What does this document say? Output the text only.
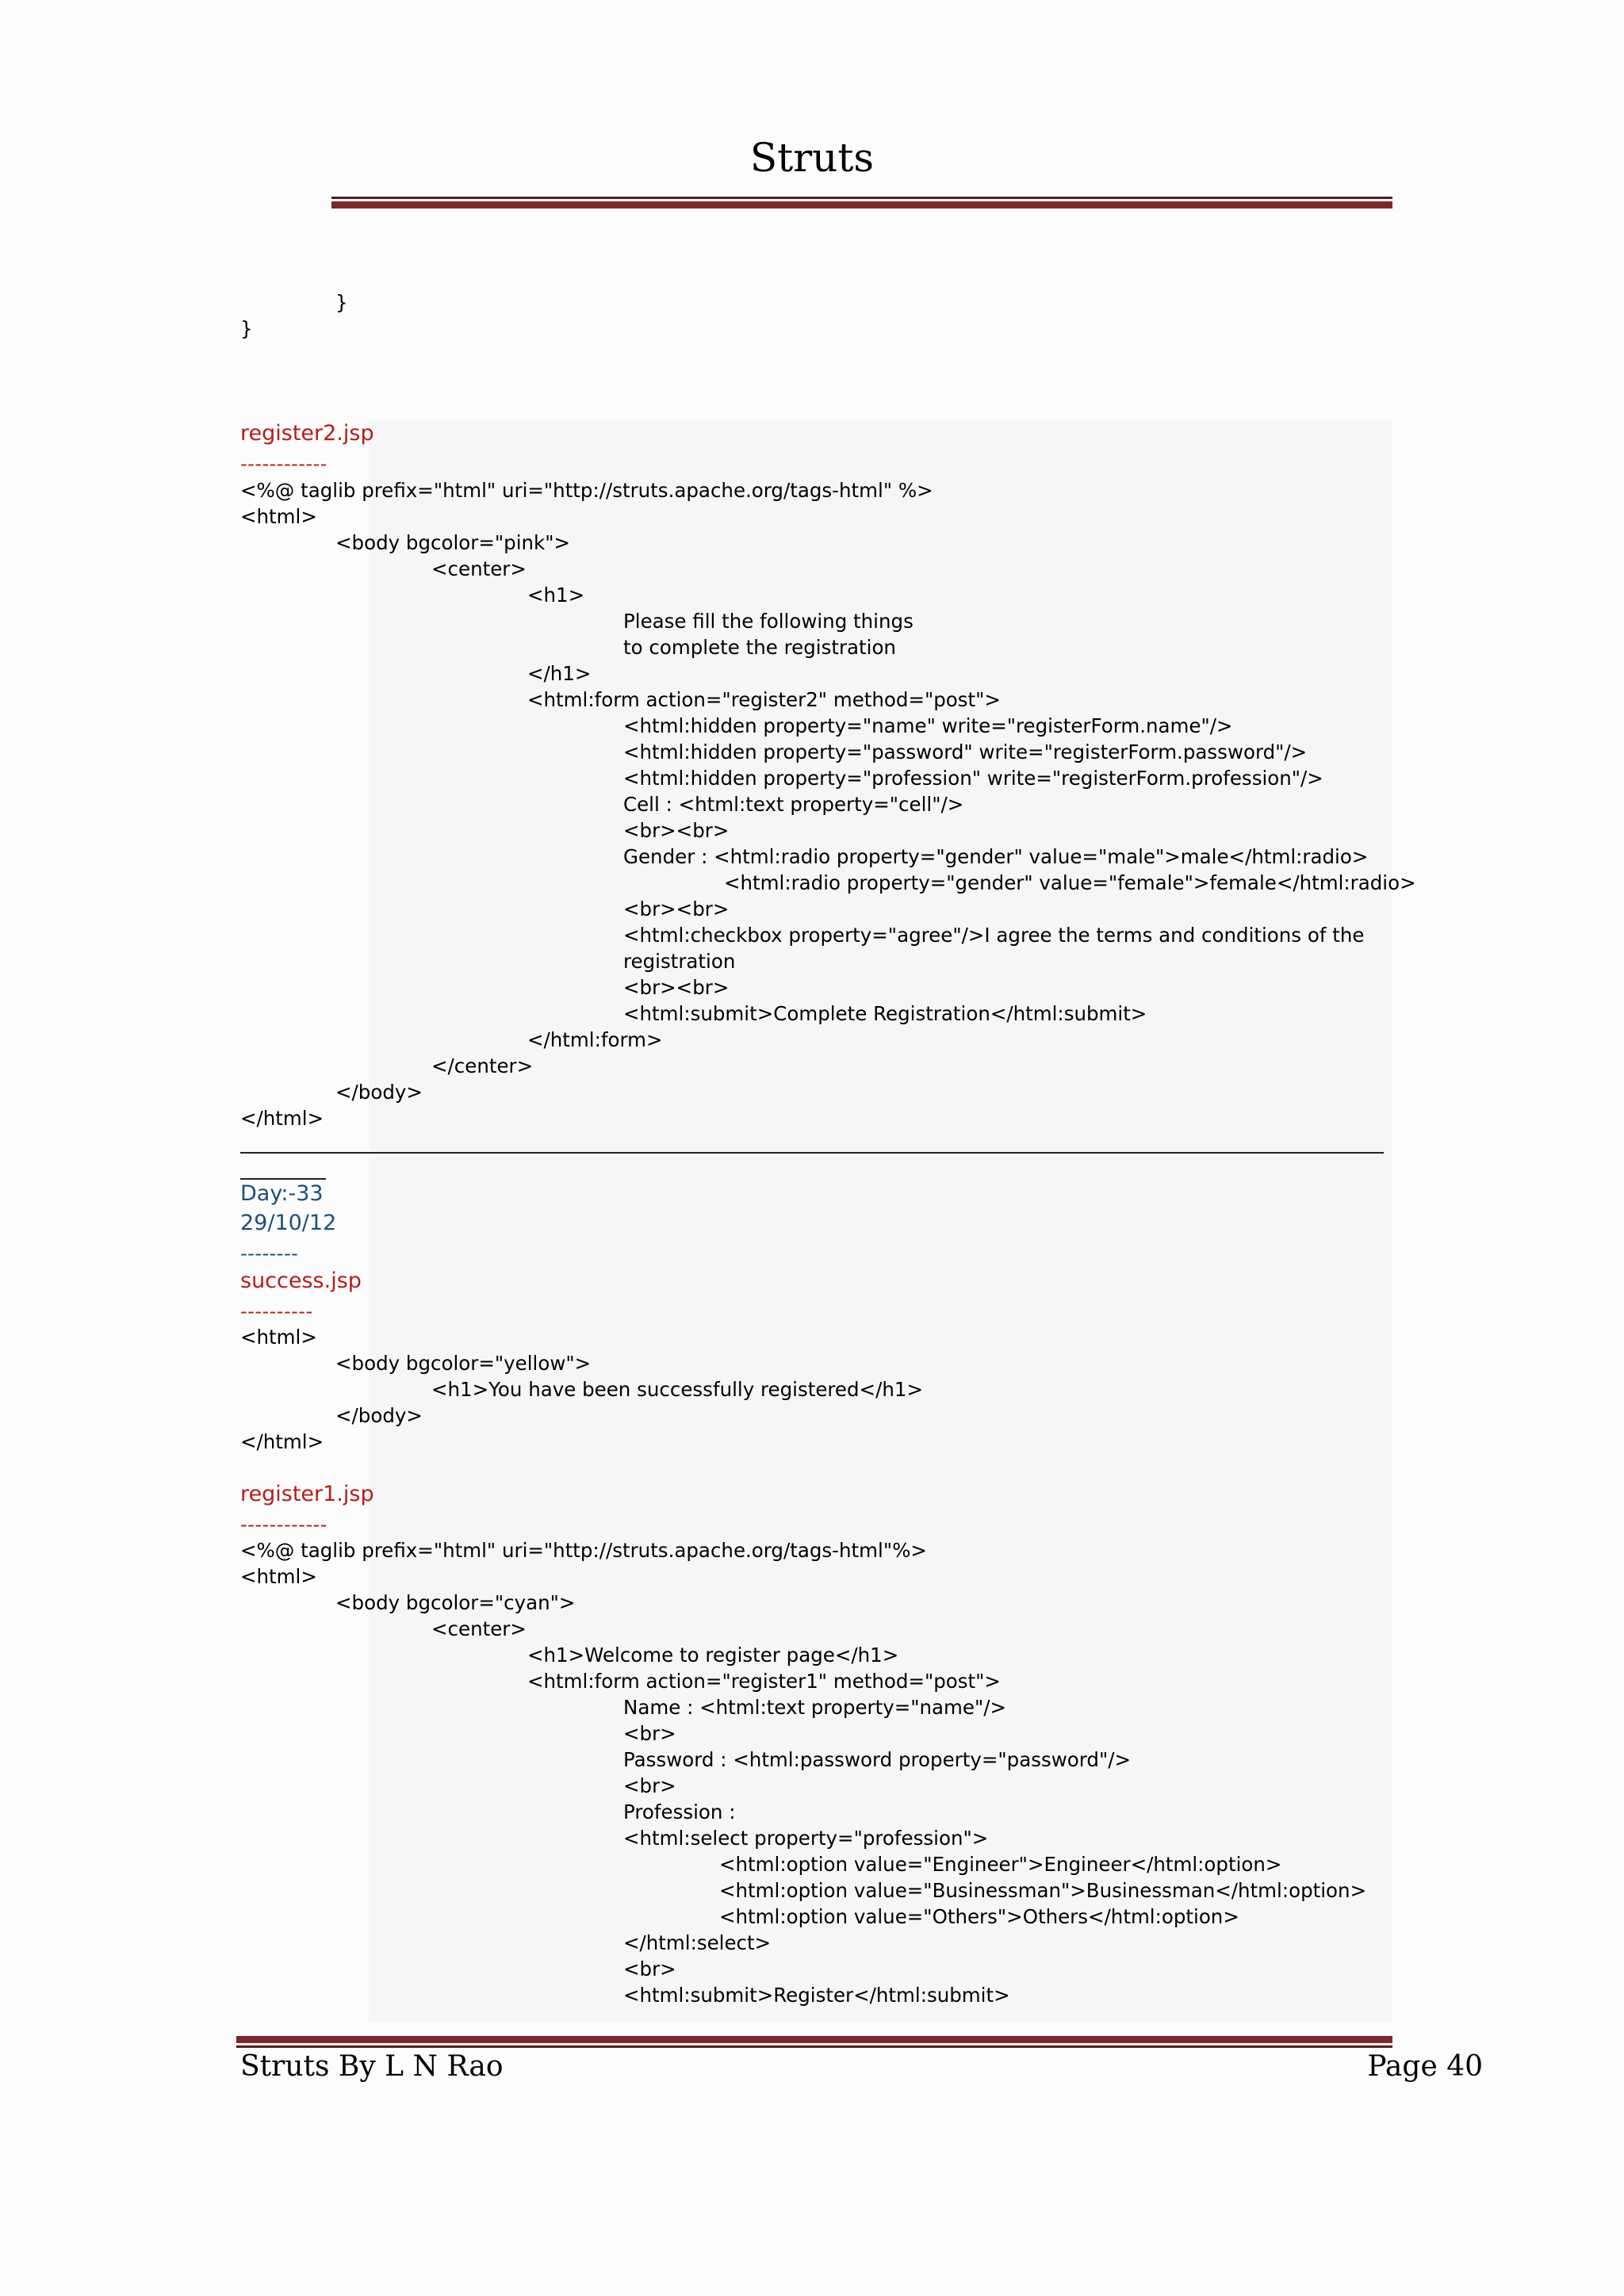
Struts
}
}
register2.jsp
------------
<%@ taglib prefix="html" uri="http://struts.apache.org/tags-html" %>
<html>
<body bgcolor="pink">
<center>
<h1>
Please fill the following things
to complete the registration
</h1>
<html:form action="register2" method="post">
<html:hidden property="name" write="registerForm.name"/>
<html:hidden property="password" write="registerForm.password"/>
<html:hidden property="profession" write="registerForm.profession"/>
Cell : <html:text property="cell"/>
<br><br>
Gender : <html:radio property="gender" value="male">male</html:radio>
<html:radio property="gender" value="female">female</html:radio>
<br><br>
<html:checkbox property="agree"/>I agree the terms and conditions of the
registration
<br><br>
<html:submit>Complete Registration</html:submit>
</html:form>
</center>
</body>
</html>
Day:-33
29/10/12
--------
success.jsp
----------
<html>
<body bgcolor="yellow">
<h1>You have been successfully registered</h1>
</body>
</html>
register1.jsp
------------
<%@ taglib prefix="html" uri="http://struts.apache.org/tags-html"%>
<html>
<body bgcolor="cyan">
<center>
<h1>Welcome to register page</h1>
<html:form action="register1" method="post">
Name : <html:text property="name"/>
<br>
Password : <html:password property="password"/>
<br>
Profession :
<html:select property="profession">
<html:option value="Engineer">Engineer</html:option>
<html:option value="Businessman">Businessman</html:option>
<html:option value="Others">Others</html:option>
</html:select>
<br>
<html:submit>Register</html:submit>
Struts By L N Rao	Page 40
